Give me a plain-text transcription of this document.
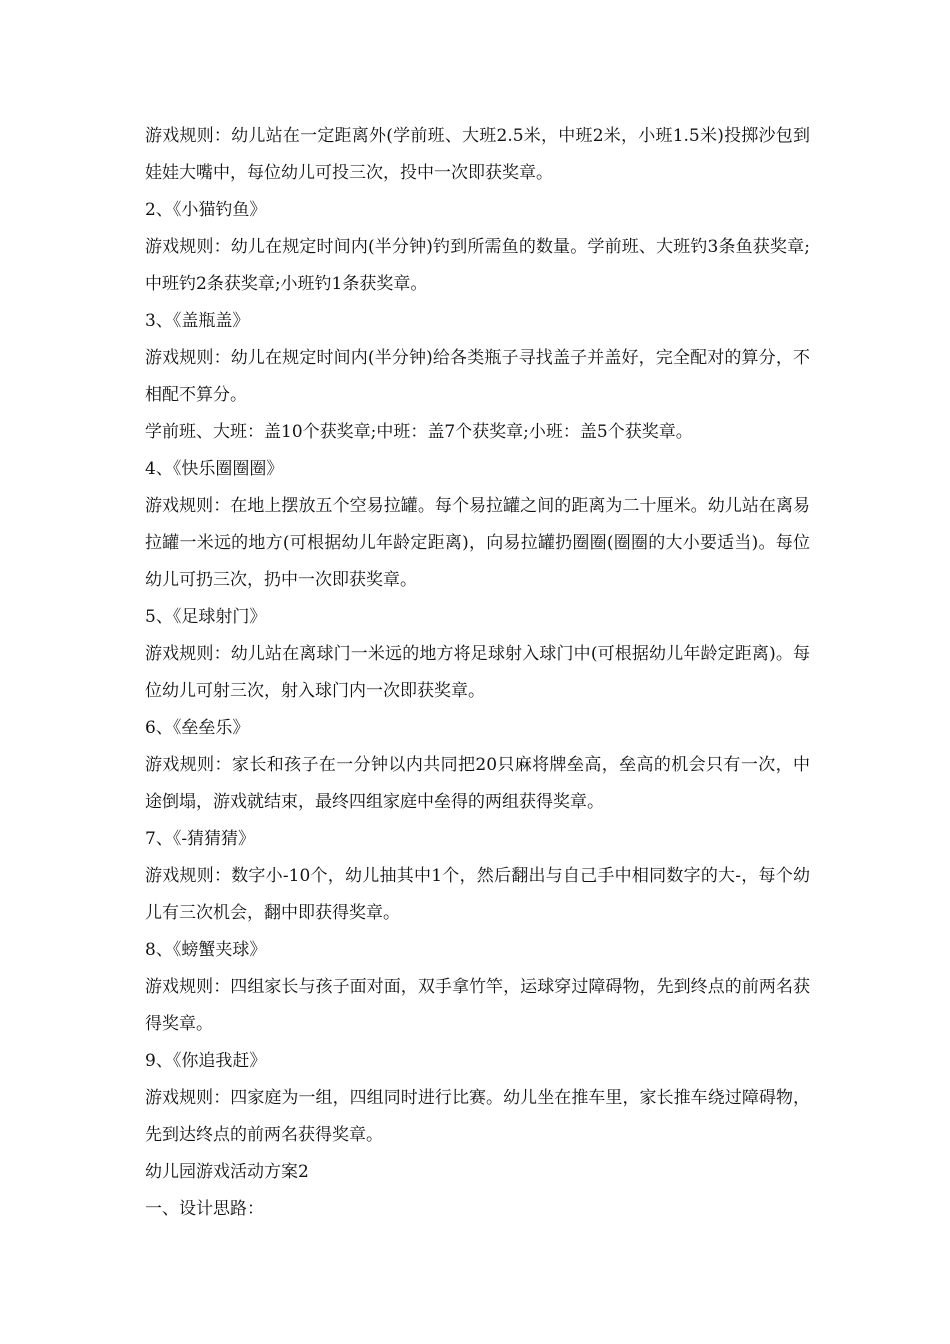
游戏规则：幼儿站在一定距离外(学前班、大班2.5米，中班2米，小班1.5米)投掷沙包到娃娃大嘴中，每位幼儿可投三次，投中一次即获奖章。

2、《小猫钓鱼》

游戏规则：幼儿在规定时间内(半分钟)钓到所需鱼的数量。学前班、大班钓3条鱼获奖章;中班钓2条获奖章;小班钓1条获奖章。

3、《盖瓶盖》

游戏规则：幼儿在规定时间内(半分钟)给各类瓶子寻找盖子并盖好，完全配对的算分，不相配不算分。

学前班、大班：盖10个获奖章;中班：盖7个获奖章;小班：盖5个获奖章。

4、《快乐圈圈圈》

游戏规则：在地上摆放五个空易拉罐。每个易拉罐之间的距离为二十厘米。幼儿站在离易拉罐一米远的地方(可根据幼儿年龄定距离)，向易拉罐扔圈圈(圈圈的大小要适当)。每位幼儿可扔三次，扔中一次即获奖章。

5、《足球射门》

游戏规则：幼儿站在离球门一米远的地方将足球射入球门中(可根据幼儿年龄定距离)。每位幼儿可射三次，射入球门内一次即获奖章。

6、《垒垒乐》

游戏规则：家长和孩子在一分钟以内共同把20只麻将牌垒高，垒高的机会只有一次，中途倒塌，游戏就结束，最终四组家庭中垒得的两组获得奖章。

7、《-猜猜猜》

游戏规则：数字小-10个，幼儿抽其中1个，然后翻出与自己手中相同数字的大-，每个幼儿有三次机会，翻中即获得奖章。

8、《螃蟹夹球》

游戏规则：四组家长与孩子面对面，双手拿竹竿，运球穿过障碍物，先到终点的前两名获得奖章。

9、《你追我赶》

游戏规则：四家庭为一组，四组同时进行比赛。幼儿坐在推车里，家长推车绕过障碍物，先到达终点的前两名获得奖章。

幼儿园游戏活动方案2

一、设计思路：
